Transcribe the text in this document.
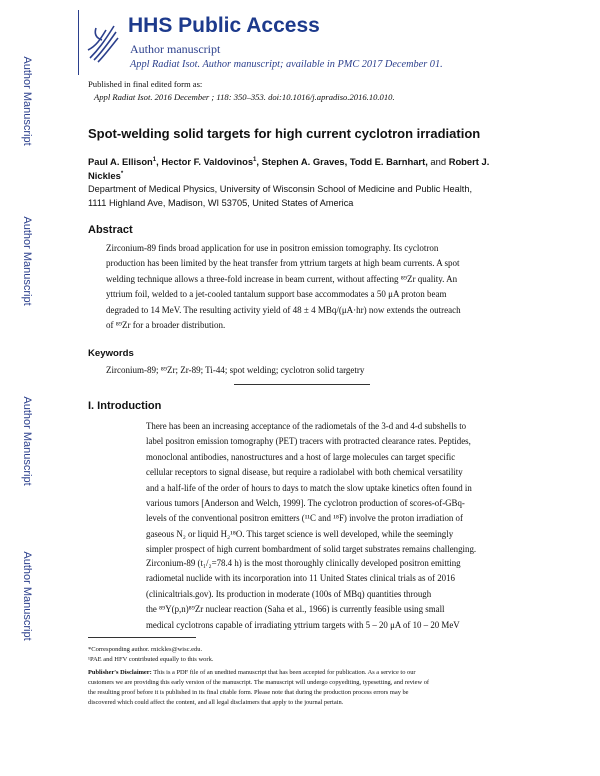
Author Manuscript
Author Manuscript
Author Manuscript
Author Manuscript
HHS Public Access
Author manuscript
Appl Radiat Isot. Author manuscript; available in PMC 2017 December 01.
Published in final edited form as:
Appl Radiat Isot. 2016 December ; 118: 350–353. doi:10.1016/j.apradiso.2016.10.010.
Spot-welding solid targets for high current cyclotron irradiation
Paul A. Ellison$^1$, Hector F. Valdovinos$^1$, Stephen A. Graves, Todd E. Barnhart, and Robert J. Nickles*
Department of Medical Physics, University of Wisconsin School of Medicine and Public Health,
1111 Highland Ave, Madison, WI 53705, United States of America
Abstract

Zirconium-89 finds broad application for use in positron emission tomography. Its cyclotron

production has been limited by the heat transfer from yttrium targets at high beam currents. A spot

welding technique allows a three-fold increase in beam current, without affecting ⁸⁹Zr quality. An

yttrium foil, welded to a jet-cooled tantalum support base accommodates a 50 μA proton beam

degraded to 14 MeV. The resulting activity yield of 48 ± 4 MBq/(μA·hr) now extends the outreach

of ⁸⁹Zr for a broader distribution.

Keywords
Zirconium-89; ⁸⁹Zr; Zr-89; Ti-44; spot welding; cyclotron solid targetry
I. Introduction

There has been an increasing acceptance of the radiometals of the 3-d and 4-d subshells to

label positron emission tomography (PET) tracers with protracted clearance rates. Peptides,

monoclonal antibodies, nanostructures and a host of large molecules can target specific

cellular receptors to signal disease, but require a radiolabel with both chemical versatility

and a half-life of the order of hours to days to match the slow uptake kinetics often found in

various tumors [Anderson and Welch, 1999]. The cyclotron production of scores-of-GBq-

levels of the conventional positron emitters (¹¹C and ¹⁸F) involve the proton irradiation of

gaseous N₂ or liquid H₂¹⁸O. This target science is well developed, while the seemingly

simpler prospect of high current bombardment of solid target substrates remains challenging.

Zirconium-89 (t₁/₂=78.4 h) is the most thoroughly clinically developed positron emitting

radiometal nuclide with its incorporation into 11 United States clinical trials as of 2016

(clinicaltrials.gov). Its production in moderate (100s of MBq) quantities through

the ⁸⁹Y(p,n)⁸⁹Zr nuclear reaction (Saha et al., 1966) is currently feasible using small

medical cyclotrons capable of irradiating yttrium targets with 5 – 20 μA of 10 – 20 MeV

*Corresponding author. rnickles@wisc.edu.
¹PAE and HFV contributed equally to this work.

Publisher's Disclaimer: This is a PDF file of an unedited manuscript that has been accepted for publication. As a service to our

customers we are providing this early version of the manuscript. The manuscript will undergo copyediting, typesetting, and review of

the resulting proof before it is published in its final citable form. Please note that during the production process errors may be

discovered which could affect the content, and all legal disclaimers that apply to the journal pertain.
